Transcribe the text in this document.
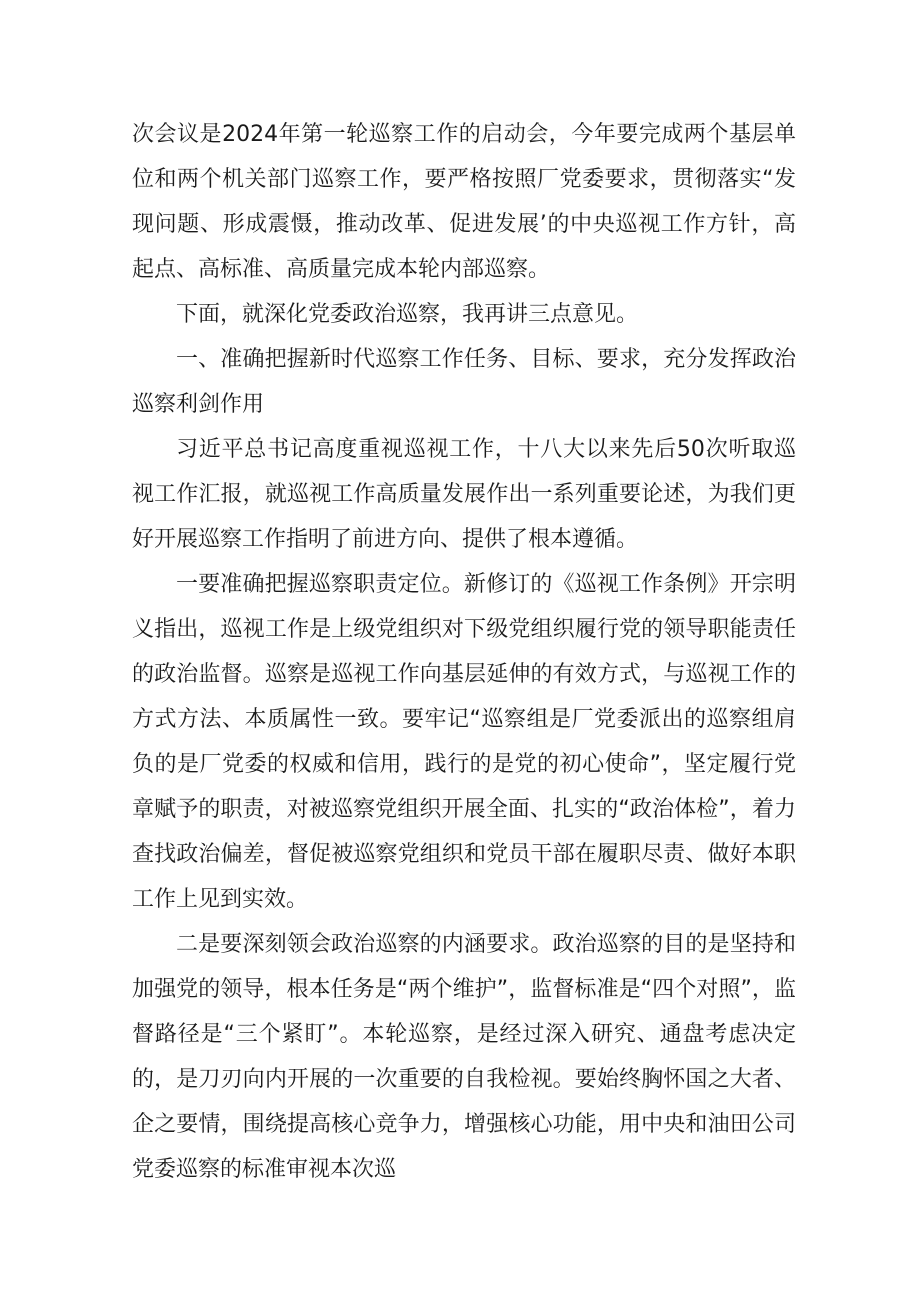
次会议是2024年第一轮巡察工作的启动会，今年要完成两个基层单位和两个机关部门巡察工作，要严格按照厂党委要求，贯彻落实“发现问题、形成震慑，推动改革、促进发展’的中央巡视工作方针，高起点、高标准、高质量完成本轮内部巡察。

下面，就深化党委政治巡察，我再讲三点意见。

一、准确把握新时代巡察工作任务、目标、要求，充分发挥政治巡察利剑作用

习近平总书记高度重视巡视工作，十八大以来先后50次听取巡视工作汇报，就巡视工作高质量发展作出一系列重要论述，为我们更好开展巡察工作指明了前进方向、提供了根本遵循。

一要准确把握巡察职责定位。新修订的《巡视工作条例》开宗明义指出，巡视工作是上级党组织对下级党组织履行党的领导职能责任的政治监督。巡察是巡视工作向基层延伸的有效方式，与巡视工作的方式方法、本质属性一致。要牢记“巡察组是厂党委派出的巡察组肩负的是厂党委的权威和信用，践行的是党的初心使命”，坚定履行党章赋予的职责，对被巡察党组织开展全面、扎实的“政治体检”，着力查找政治偏差，督促被巡察党组织和党员干部在履职尽责、做好本职工作上见到实效。

二是要深刻领会政治巡察的内涵要求。政治巡察的目的是坚持和加强党的领导，根本任务是“两个维护”，监督标准是“四个对照”，监督路径是“三个紧盯”。本轮巡察，是经过深入研究、通盘考虑决定的，是刀刃向内开展的一次重要的自我检视。要始终胸怀国之大者、企之要情，围绕提高核心竞争力，增强核心功能，用中央和油田公司党委巡察的标准审视本次巡
